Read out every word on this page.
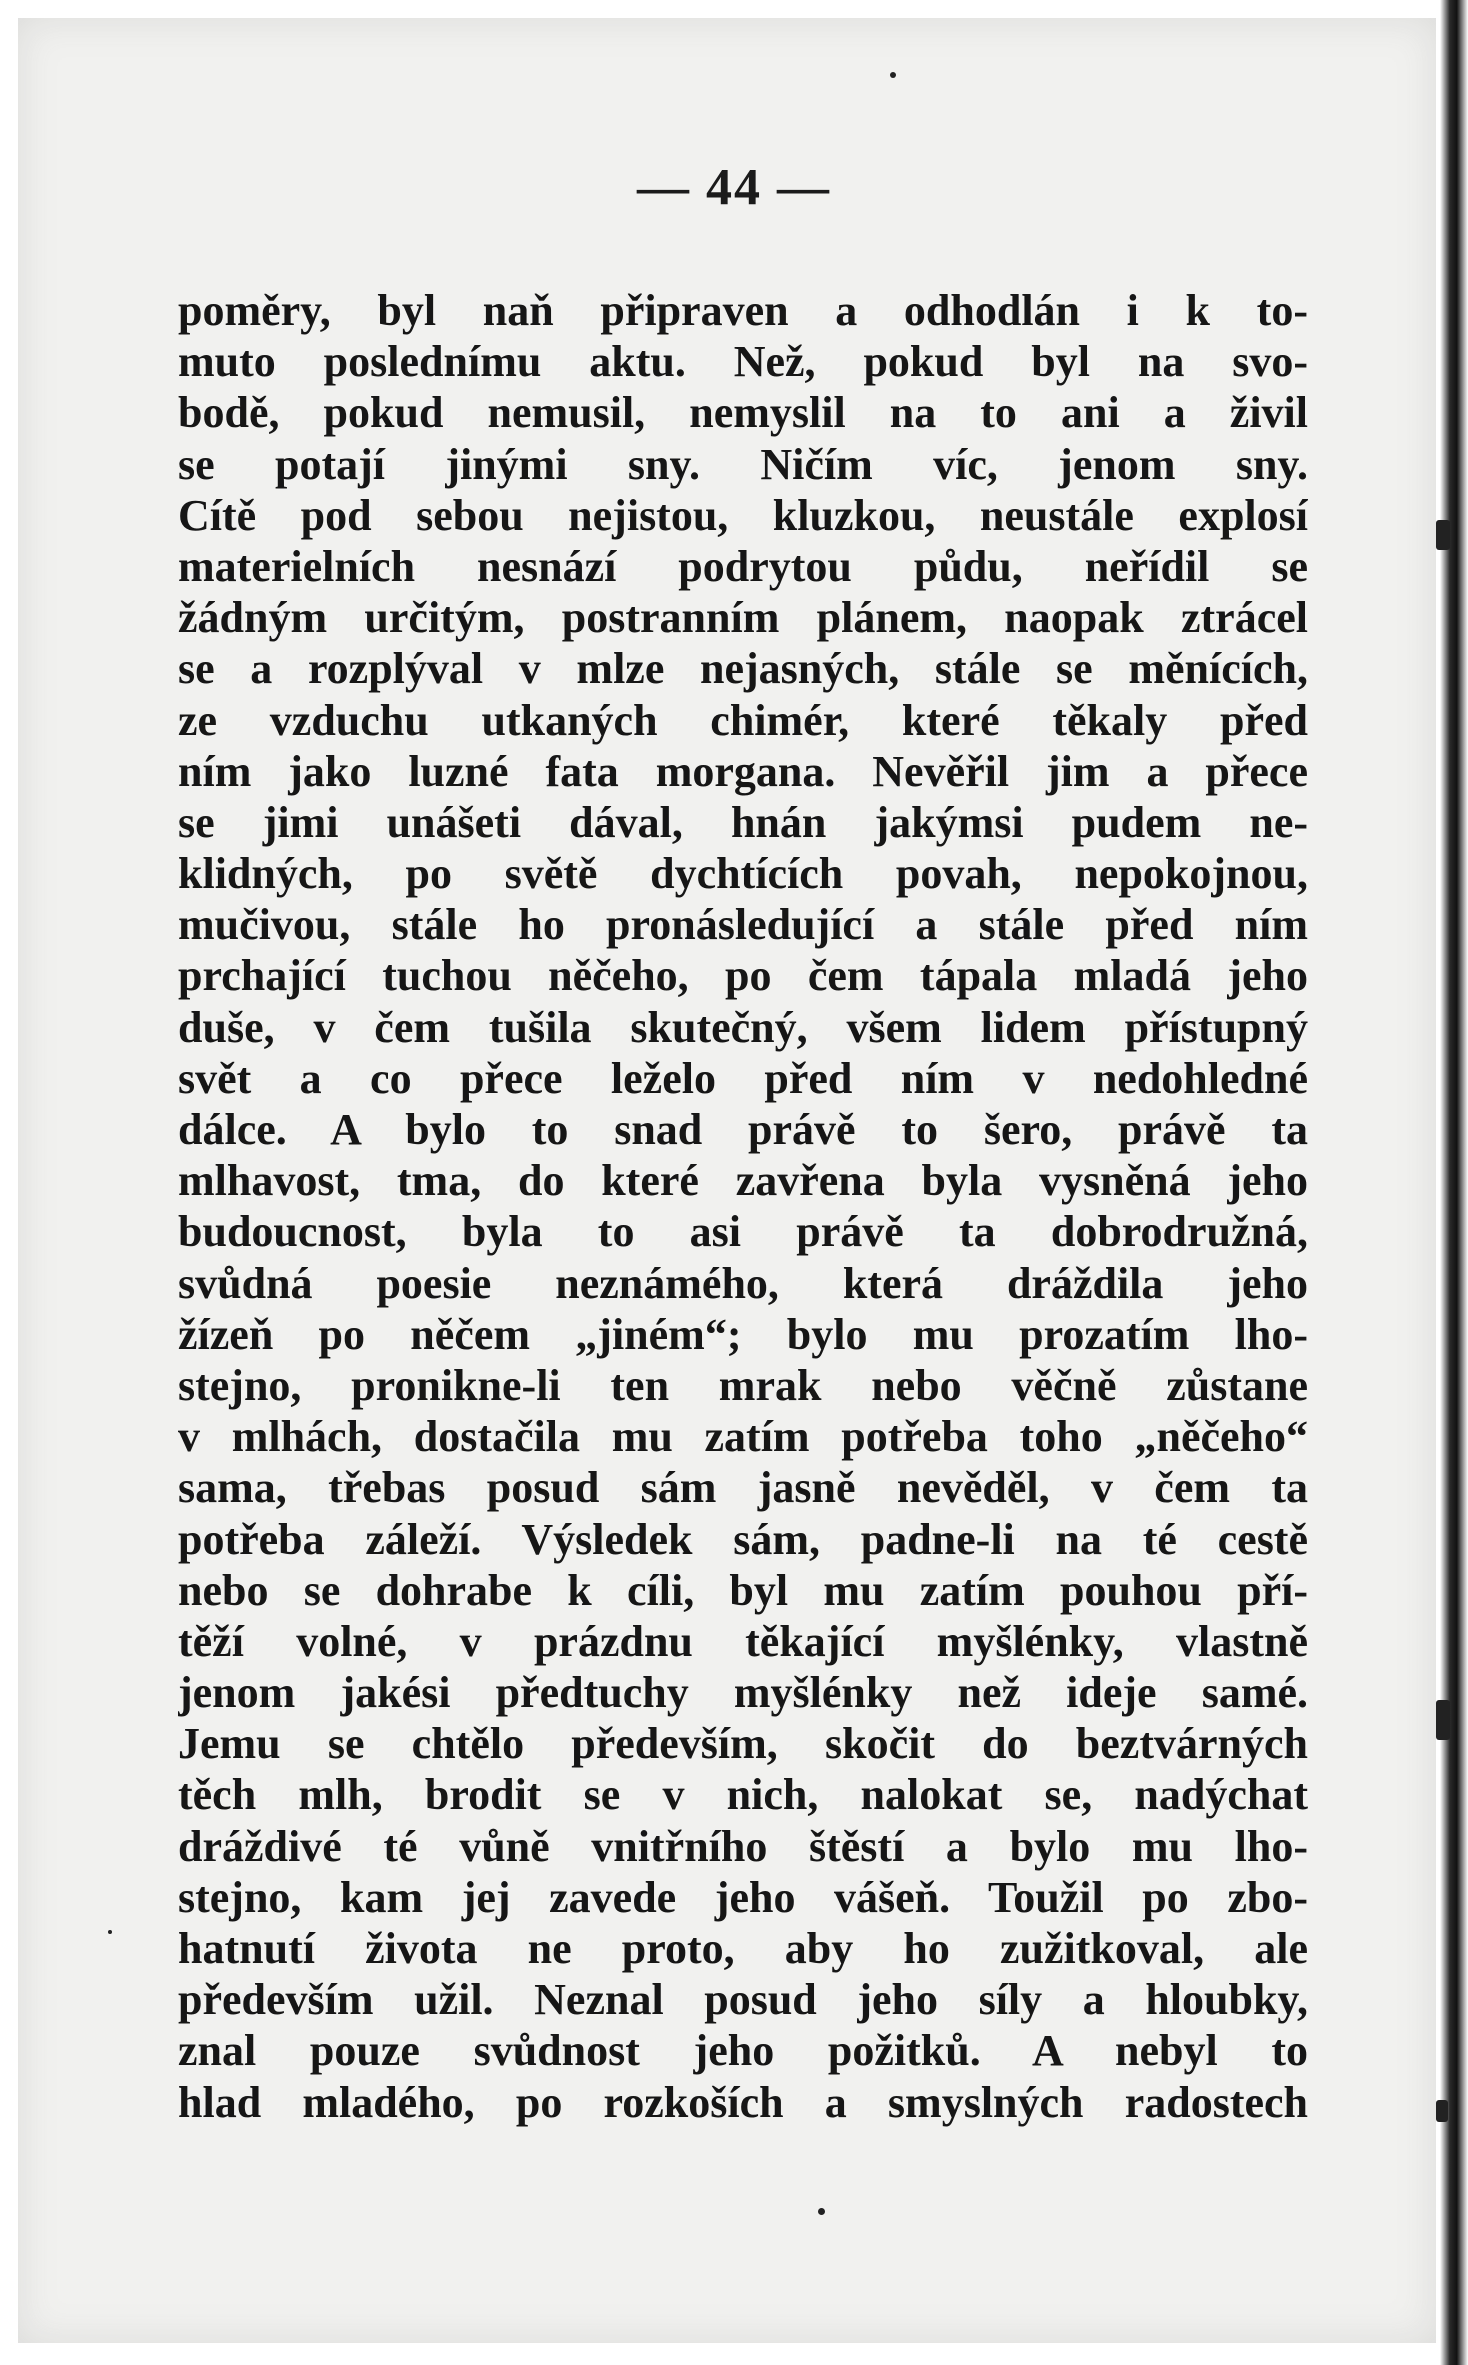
— 44 —
poměry, byl naň připraven a odhodlán i k to-
muto poslednímu aktu. Než, pokud byl na svo-
bodě, pokud nemusil, nemyslil na to ani a živil
se potají jinými sny. Ničím víc, jenom sny.
Cítě pod sebou nejistou, kluzkou, neustále explosí
materielních nesnází podrytou půdu, neřídil se
žádným určitým, postranním plánem, naopak ztrácel
se a rozplýval v mlze nejasných, stále se měnících,
ze vzduchu utkaných chimér, které těkaly před
ním jako luzné fata morgana. Nevěřil jim a přece
se jimi unášeti dával, hnán jakýmsi pudem ne-
klidných, po světě dychtících povah, nepokojnou,
mučivou, stále ho pronásledující a stále před ním
prchající tuchou něčeho, po čem tápala mladá jeho
duše, v čem tušila skutečný, všem lidem přístupný
svět a co přece leželo před ním v nedohledné
dálce. A bylo to snad právě to šero, právě ta
mlhavost, tma, do které zavřena byla vysněná jeho
budoucnost, byla to asi právě ta dobrodružná,
svůdná poesie neznámého, která dráždila jeho
žízeň po něčem „jiném“; bylo mu prozatím lho-
stejno, pronikne-li ten mrak nebo věčně zůstane
v mlhách, dostačila mu zatím potřeba toho „něčeho“
sama, třebas posud sám jasně nevěděl, v čem ta
potřeba záleží. Výsledek sám, padne-li na té cestě
nebo se dohrabe k cíli, byl mu zatím pouhou pří-
těží volné, v prázdnu těkající myšlénky, vlastně
jenom jakési předtuchy myšlénky než ideje samé.
Jemu se chtělo především, skočit do beztvárných
těch mlh, brodit se v nich, nalokat se, nadýchat
dráždivé té vůně vnitřního štěstí a bylo mu lho-
stejno, kam jej zavede jeho vášeň. Toužil po zbo-
hatnutí života ne proto, aby ho zužitkoval, ale
především užil. Neznal posud jeho síly a hloubky,
znal pouze svůdnost jeho požitků. A nebyl to
hlad mladého, po rozkoších a smyslných radostech
